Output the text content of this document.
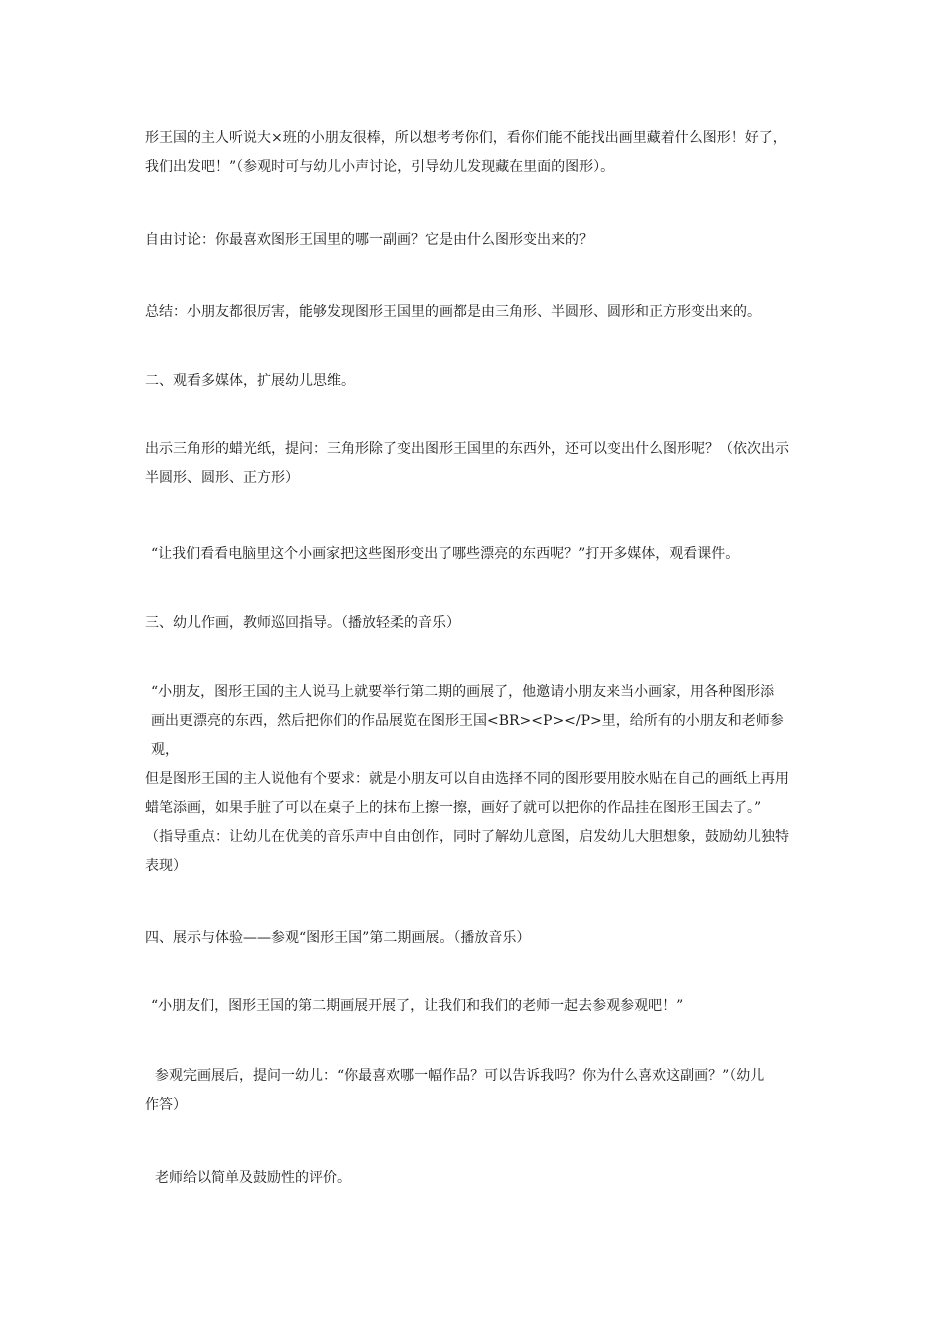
形王国的主人听说大×班的小朋友很棒，所以想考考你们，看你们能不能找出画里藏着什么图形！好了，
我们出发吧！”（参观时可与幼儿小声讨论，引导幼儿发现藏在里面的图形）。
自由讨论：你最喜欢图形王国里的哪一副画？它是由什么图形变出来的？
总结：小朋友都很厉害，能够发现图形王国里的画都是由三角形、半圆形、圆形和正方形变出来的。
二、观看多媒体，扩展幼儿思维。
出示三角形的蜡光纸，提问：三角形除了变出图形王国里的东西外，还可以变出什么图形呢？（依次出示
半圆形、圆形、正方形）
“让我们看看电脑里这个小画家把这些图形变出了哪些漂亮的东西呢？”打开多媒体，观看课件。
三、幼儿作画，教师巡回指导。（播放轻柔的音乐）
“小朋友，图形王国的主人说马上就要举行第二期的画展了，他邀请小朋友来当小画家，用各种图形添
画出更漂亮的东西，然后把你们的作品展览在图形王国<BR><P></P>里，给所有的小朋友和老师参观，
但是图形王国的主人说他有个要求：就是小朋友可以自由选择不同的图形要用胶水贴在自己的画纸上再用
蜡笔添画，如果手脏了可以在桌子上的抹布上擦一擦，画好了就可以把你的作品挂在图形王国去了。”
（指导重点：让幼儿在优美的音乐声中自由创作，同时了解幼儿意图，启发幼儿大胆想象，鼓励幼儿独特
表现）
四、展示与体验——参观“图形王国”第二期画展。（播放音乐）
“小朋友们，图形王国的第二期画展开展了，让我们和我们的老师一起去参观参观吧！”
参观完画展后，提问一幼儿：“你最喜欢哪一幅作品？可以告诉我吗？你为什么喜欢这副画？”（幼儿
作答）
老师给以简单及鼓励性的评价。
